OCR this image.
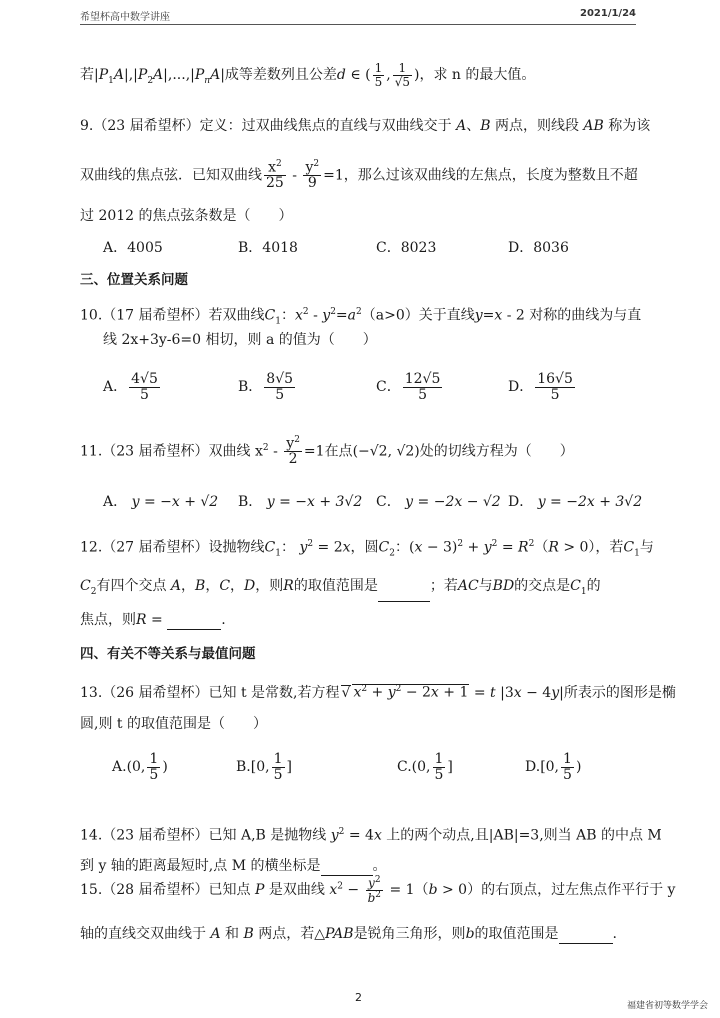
希望杯高中数学讲座	2021/1/24
若$|P_1A|,|P_2A|,...,|P_nA|$成等差数列且公差d ∈ ( $\frac{1}{5}$ , $\frac{1}{√5}$ )，求 n 的最大值。
9.（23 届希望杯）定义：过双曲线焦点的直线与双曲线交于 A、B 两点，则线段 AB 称为该
双曲线的焦点弦．已知双曲线 $\frac{x^2}{25} - \frac{y^2}{9} =1$，那么过该双曲线的左焦点，长度为整数且不超
过 2012 的焦点弦条数是（　　）
A．4005	B．4018	C．8023	D．8036
三、位置关系问题
10.（17 届希望杯）若双曲线$C_1$：$x^2 - y^2=a^2(a>0)$关于直线y=x - 2 对称的曲线为与直
线 2x+3y-6=0 相切，则 a 的值为（　　）
A． $\frac{4√5}{5}$	B． $\frac{8√5}{5}$	C． $\frac{12√5}{5}$	D． $\frac{16√5}{5}$
11.（23 届希望杯）双曲线 $x^2 - \frac{y^2}{2} =1$在点(−√2, √2)处的切线方程为（　　）
A． y = −x + √2 B． y = −x + 3√2 C． y = −2x − √2 D． y = −2x + 3√2
12.（27 届希望杯）设抛物线$C_1$： $y^2 = 2x$，圆$C_2$：$(x - 3)^2 + y^2 = R^2(R > 0)$，若$C_1$与
$C_2$有四个交点 A，B，C，D，则R的取值范围是	；若AC与BD的交点是$C_1$的
焦点，则R =	.
四、有关不等关系与最值问题
13.（26 届希望杯）已知 t 是常数,若方程 √ $x^2 + y^2 - 2x + 1 = t$ |3x − 4y|所表示的图形是椭
圆,则 t 的取值范围是（　　）
A.(0, $\frac{1}{5}$ )	B.[0, $\frac{1}{5}$ ]	C.(0, $\frac{1}{5}$ ]	D.[0, $\frac{1}{5}$ )
14.（23 届希望杯）已知 A,B 是抛物线 $y^2 = 4x$ 上的两个动点,且|AB|=3,则当 AB 的中点 M
到 y 轴的距离最短时,点 M 的横坐标是	。
15.（28 届希望杯）已知点 P 是双曲线 $x^2 - \frac{y^2}{b^2} = 1(b > 0)$的右顶点，过左焦点作平行于 y
轴的直线交双曲线于 A 和 B 两点，若△PAB是锐角三角形，则b的取值范围是	.
2
福建省初等数学学会
